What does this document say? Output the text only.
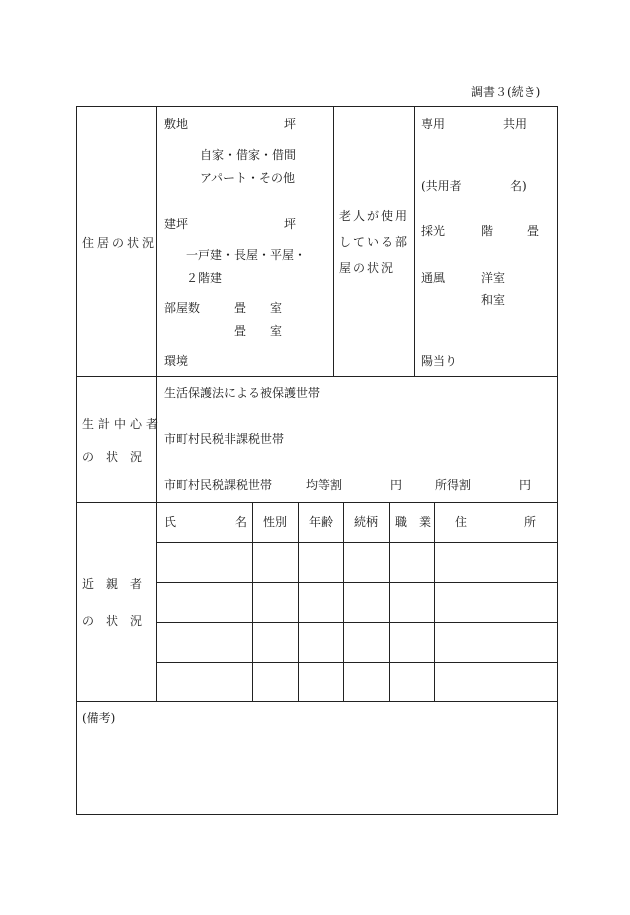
調書３(続き)
住居の状況
敷地	坪
自家・借家・借間
アパート・その他
建坪	坪
一戸建・長屋・平屋・
２階建
部屋数	畳 室
畳 室
環境
老人が使用
している部
屋の状況
専用	共用
(共用者	名)
採光	階	畳
通風	洋室
和室
陽当り
生計中心者
の　状　況
生活保護法による被保護世帯
市町村民税非課税世帯
市町村民税課税世帯	均等割	円	所得割	円
近　親　者
の　状　況
氏	名 性別 年齢 続柄 職　業 住	所
(備考)
